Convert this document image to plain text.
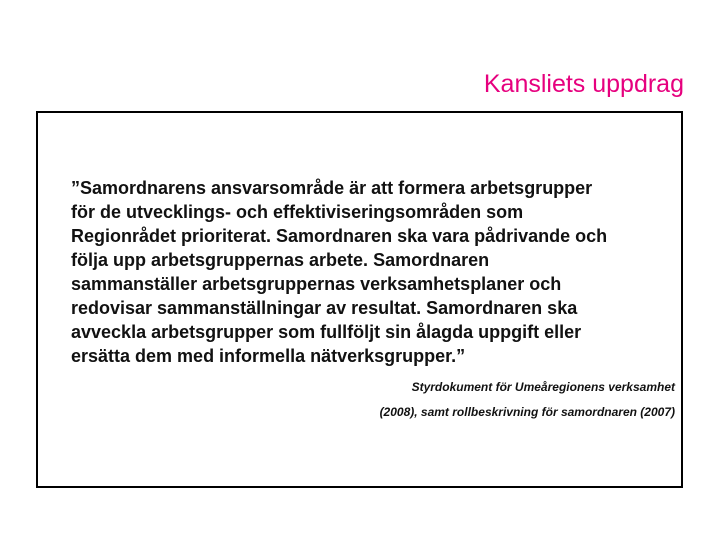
Kansliets uppdrag

”Samordnarens ansvarsområde är att formera arbetsgrupper
för de utvecklings- och effektiviseringsområden som
Regionrådet prioriterat. Samordnaren ska vara pådrivande och
följa upp arbetsgruppernas arbete. Samordnaren
sammanställer arbetsgruppernas verksamhetsplaner och
redovisar sammanställningar av resultat. Samordnaren ska
avveckla arbetsgrupper som fullföljt sin ålagda uppgift eller
ersätta dem med informella nätverksgrupper.”

Styrdokument för Umeåregionens verksamhet
(2008), samt rollbeskrivning för samordnaren (2007)
